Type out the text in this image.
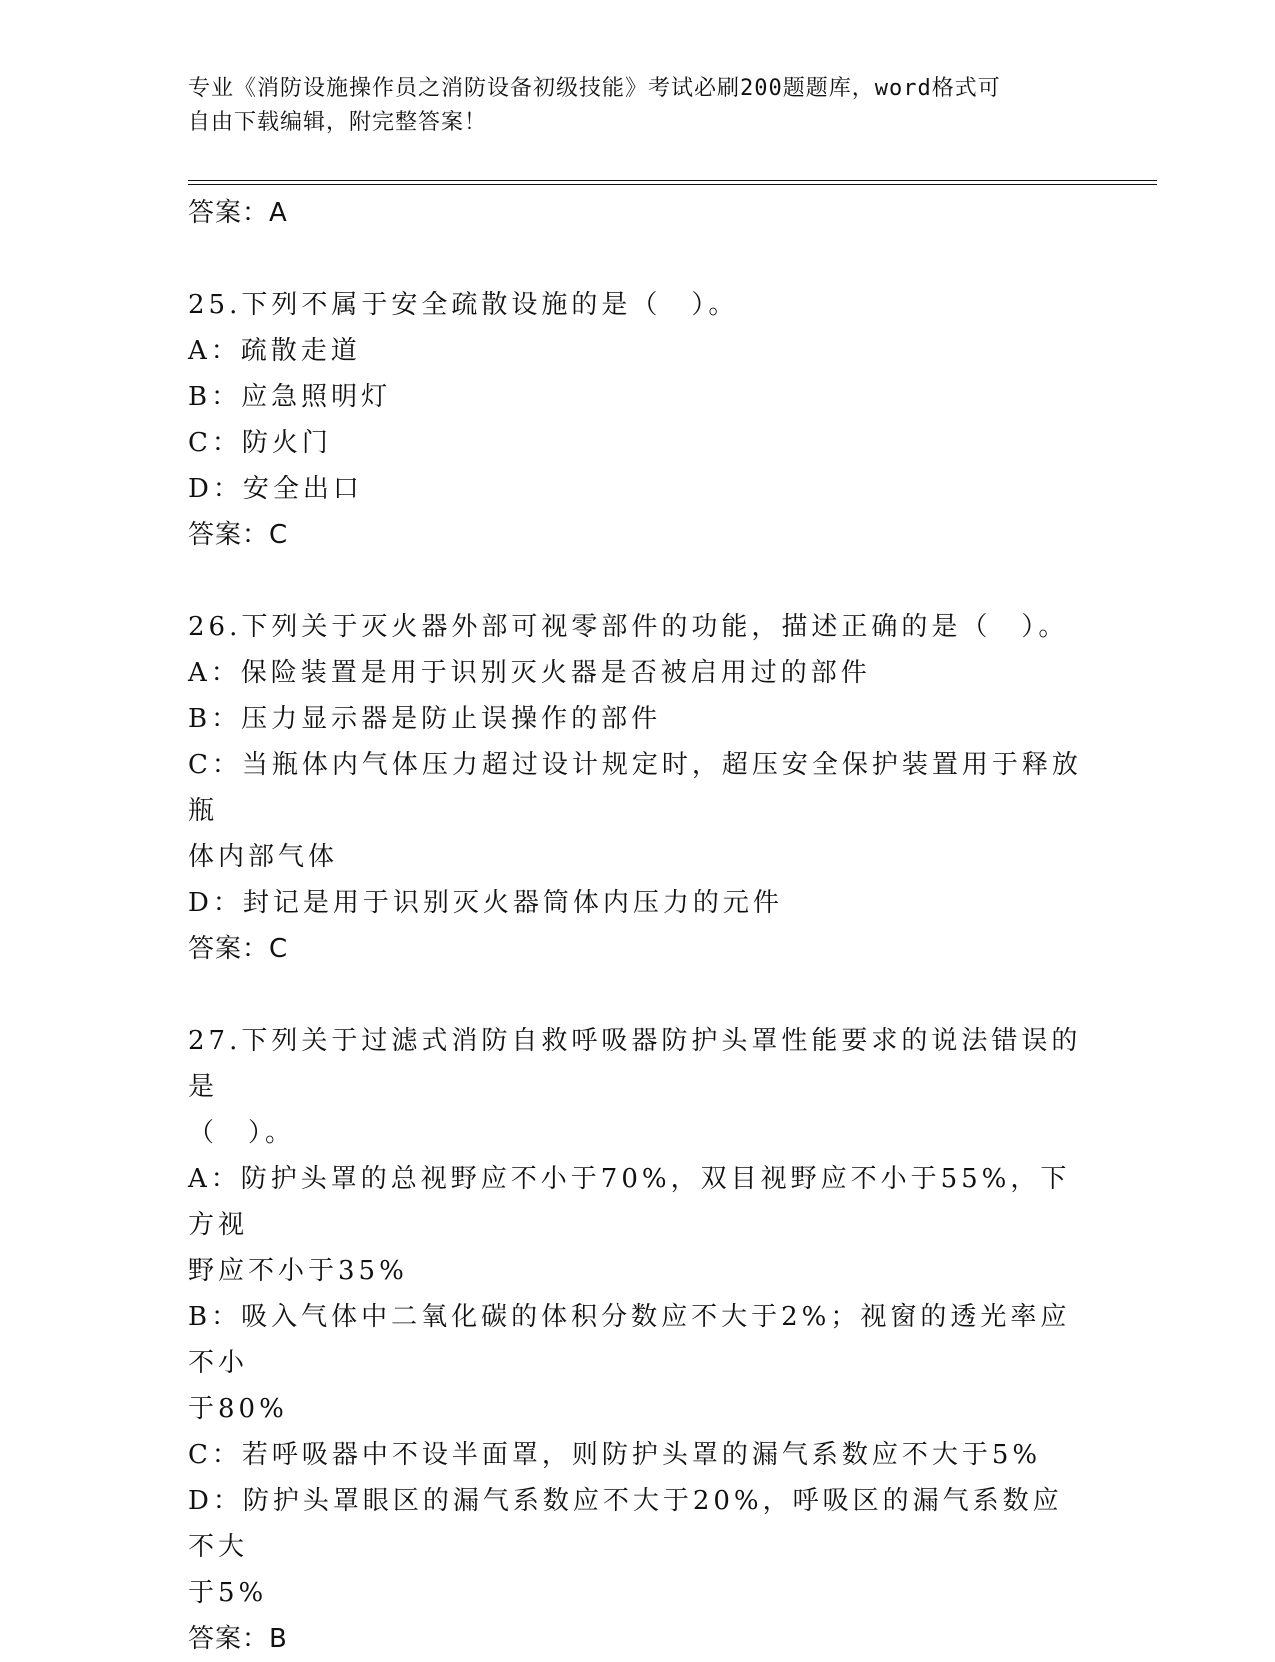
专业《消防设施操作员之消防设备初级技能》考试必刷200题题库，word格式可
自由下载编辑，附完整答案！
答案：A
25.下列不属于安全疏散设施的是（　）。
A：疏散走道
B：应急照明灯
C：防火门
D：安全出口
答案：C
26.下列关于灭火器外部可视零部件的功能，描述正确的是（　）。
A：保险装置是用于识别灭火器是否被启用过的部件
B：压力显示器是防止误操作的部件
C：当瓶体内气体压力超过设计规定时，超压安全保护装置用于释放瓶
体内部气体
D：封记是用于识别灭火器筒体内压力的元件
答案：C
27.下列关于过滤式消防自救呼吸器防护头罩性能要求的说法错误的是
（　）。
A：防护头罩的总视野应不小于70%，双目视野应不小于55%，下方视
野应不小于35%
B：吸入气体中二氧化碳的体积分数应不大于2%；视窗的透光率应不小
于80%
C：若呼吸器中不设半面罩，则防护头罩的漏气系数应不大于5%
D：防护头罩眼区的漏气系数应不大于20%，呼吸区的漏气系数应不大
于5%
答案：B
